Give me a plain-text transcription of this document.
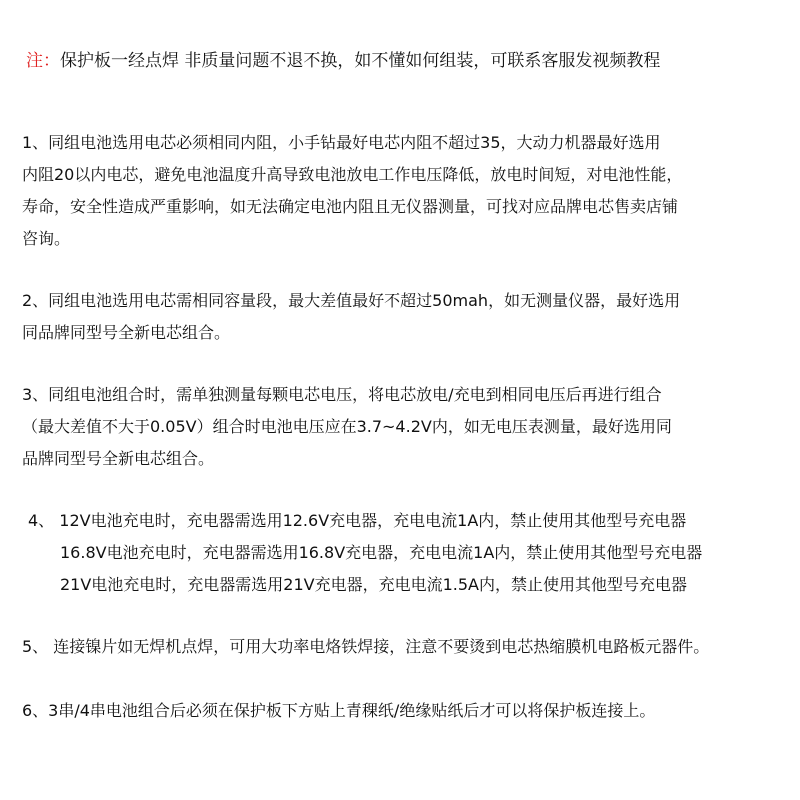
注：保护板一经点焊 非质量问题不退不换，如不懂如何组装，可联系客服发视频教程
1、同组电池选用电芯必须相同内阻，小手钻最好电芯内阻不超过35，大动力机器最好选用
内阻20以内电芯，避免电池温度升高导致电池放电工作电压降低，放电时间短，对电池性能，
寿命，安全性造成严重影响，如无法确定电池内阻且无仪器测量，可找对应品牌电芯售卖店铺
咨询。
2、同组电池选用电芯需相同容量段，最大差值最好不超过50mah，如无测量仪器，最好选用
同品牌同型号全新电芯组合。
3、同组电池组合时，需单独测量每颗电芯电压，将电芯放电/充电到相同电压后再进行组合
（最大差值不大于0.05V）组合时电池电压应在3.7~4.2V内，如无电压表测量，最好选用同
品牌同型号全新电芯组合。
4、 12V电池充电时，充电器需选用12.6V充电器，充电电流1A内，禁止使用其他型号充电器
16.8V电池充电时，充电器需选用16.8V充电器，充电电流1A内，禁止使用其他型号充电器
21V电池充电时，充电器需选用21V充电器，充电电流1.5A内，禁止使用其他型号充电器
5、 连接镍片如无焊机点焊，可用大功率电烙铁焊接，注意不要烫到电芯热缩膜机电路板元器件。
6、3串/4串电池组合后必须在保护板下方贴上青稞纸/绝缘贴纸后才可以将保护板连接上。
